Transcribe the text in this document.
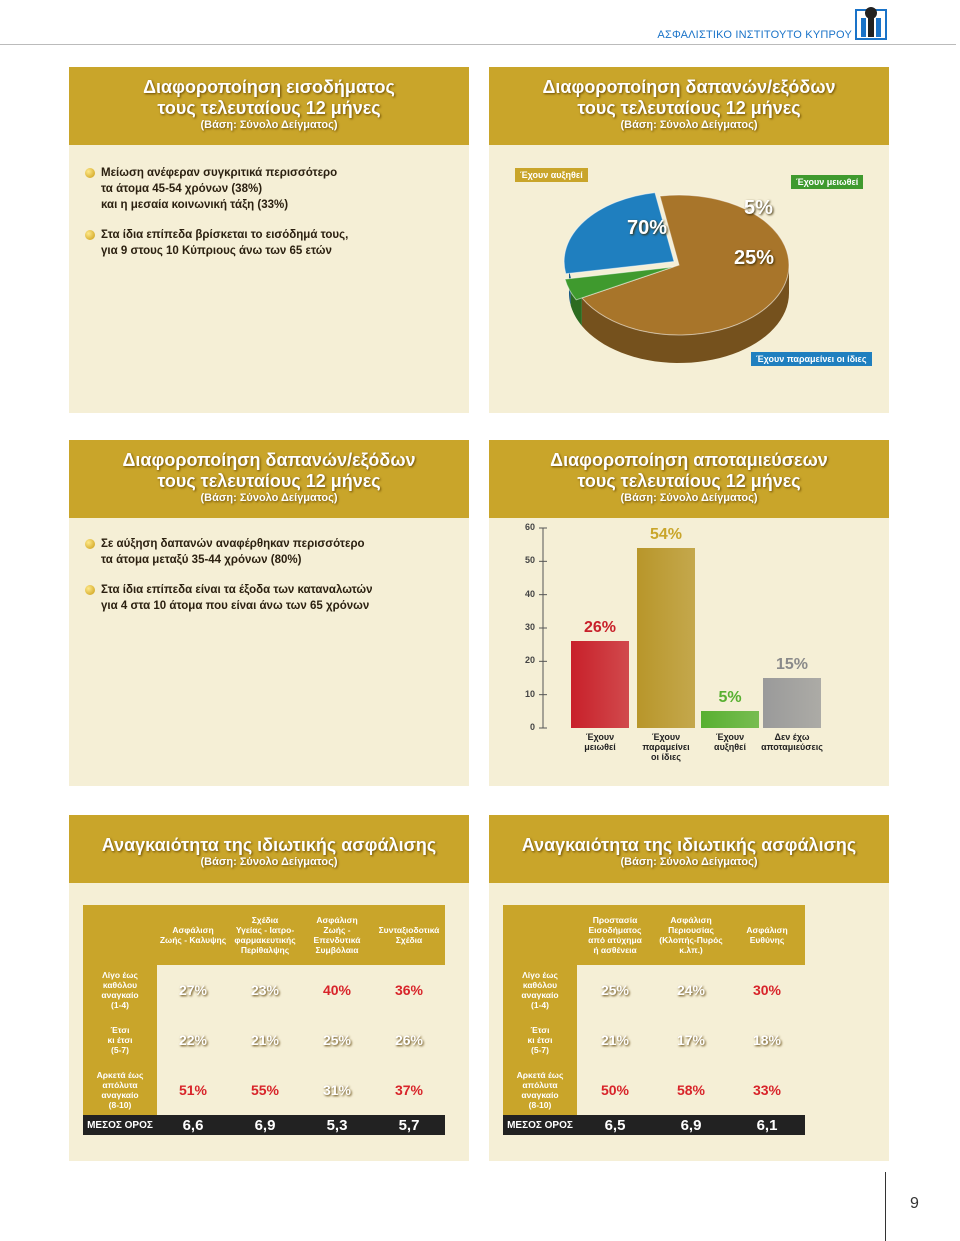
ΑΣΦΑΛΙΣΤΙΚΟ ΙΝΣΤΙΤΟΥΤΟ ΚΥΠΡΟΥ
Διαφοροποίηση εισοδήματος
τους τελευταίους 12 μήνες
(Βάση: Σύνολο Δείγματος)
Μείωση ανέφεραν συγκριτικά περισσότερο
τα άτομα 45-54 χρόνων (38%)
και η μεσαία κοινωνική τάξη (33%)
Στα ίδια επίπεδα βρίσκεται το εισόδημά τους,
για 9 στους 10 Κύπριους άνω των 65 ετών
Διαφοροποίηση δαπανών/εξόδων
τους τελευταίους 12 μήνες
(Βάση: Σύνολο Δείγματος)
Έχουν αυξηθεί
Έχουν μειωθεί
Έχουν παραμείνει οι ίδιες
70%
5%
25%
Διαφοροποίηση δαπανών/εξόδων
τους τελευταίους 12 μήνες
(Βάση: Σύνολο Δείγματος)
Σε αύξηση δαπανών αναφέρθηκαν περισσότερο
τα άτομα μεταξύ 35-44 χρόνων (80%)
Στα ίδια επίπεδα είναι τα έξοδα των καταναλωτών
για 4 στα 10 άτομα που είναι άνω των 65 χρόνων
Διαφοροποίηση αποταμιεύσεων
τους τελευταίους 12 μήνες
(Βάση: Σύνολο Δείγματος)
0
10
20
30
40
50
60
26%
Έχουν
μειωθεί
54%
Έχουν
παραμείνει
οι ίδιες
5%
Έχουν
αυξηθεί
15%
Δεν έχω
αποταμιεύσεις
Αναγκαιότητα της ιδιωτικής ασφάλισης
(Βάση: Σύνολο Δείγματος)
	Ασφάλιση
Ζωής - Καλυψης	Σχέδια
Υγείας - Ιατρο-
φαρμακευτικής
Περίθαλψης	Ασφάλιση
Ζωής - Επενδυτικά
Συμβόλαια	Συνταξιοδοτικά
Σχέδια
Λίγο έως
καθόλου
αναγκαίο
(1-4)	27%	23%	40%	36%
Έτσι
κι έτσι
(5-7)	22%	21%	25%	26%
Αρκετά έως
απόλυτα
αναγκαίο
(8-10)	51%	55%	31%	37%
ΜΕΣΟΣ ΟΡΟΣ	6,6	6,9	5,3	5,7
Αναγκαιότητα της ιδιωτικής ασφάλισης
(Βάση: Σύνολο Δείγματος)
	Προστασία
Εισοδήματος
από ατύχημα
ή ασθένεια	Ασφάλιση
Περιουσίας
(Κλοπής-Πυρός κ.λπ.)	Ασφάλιση
Ευθύνης
Λίγο έως
καθόλου
αναγκαίο
(1-4)	25%	24%	30%
Έτσι
κι έτσι
(5-7)	21%	17%	18%
Αρκετά έως
απόλυτα
αναγκαίο
(8-10)	50%	58%	33%
ΜΕΣΟΣ ΟΡΟΣ	6,5	6,9	6,1
9
